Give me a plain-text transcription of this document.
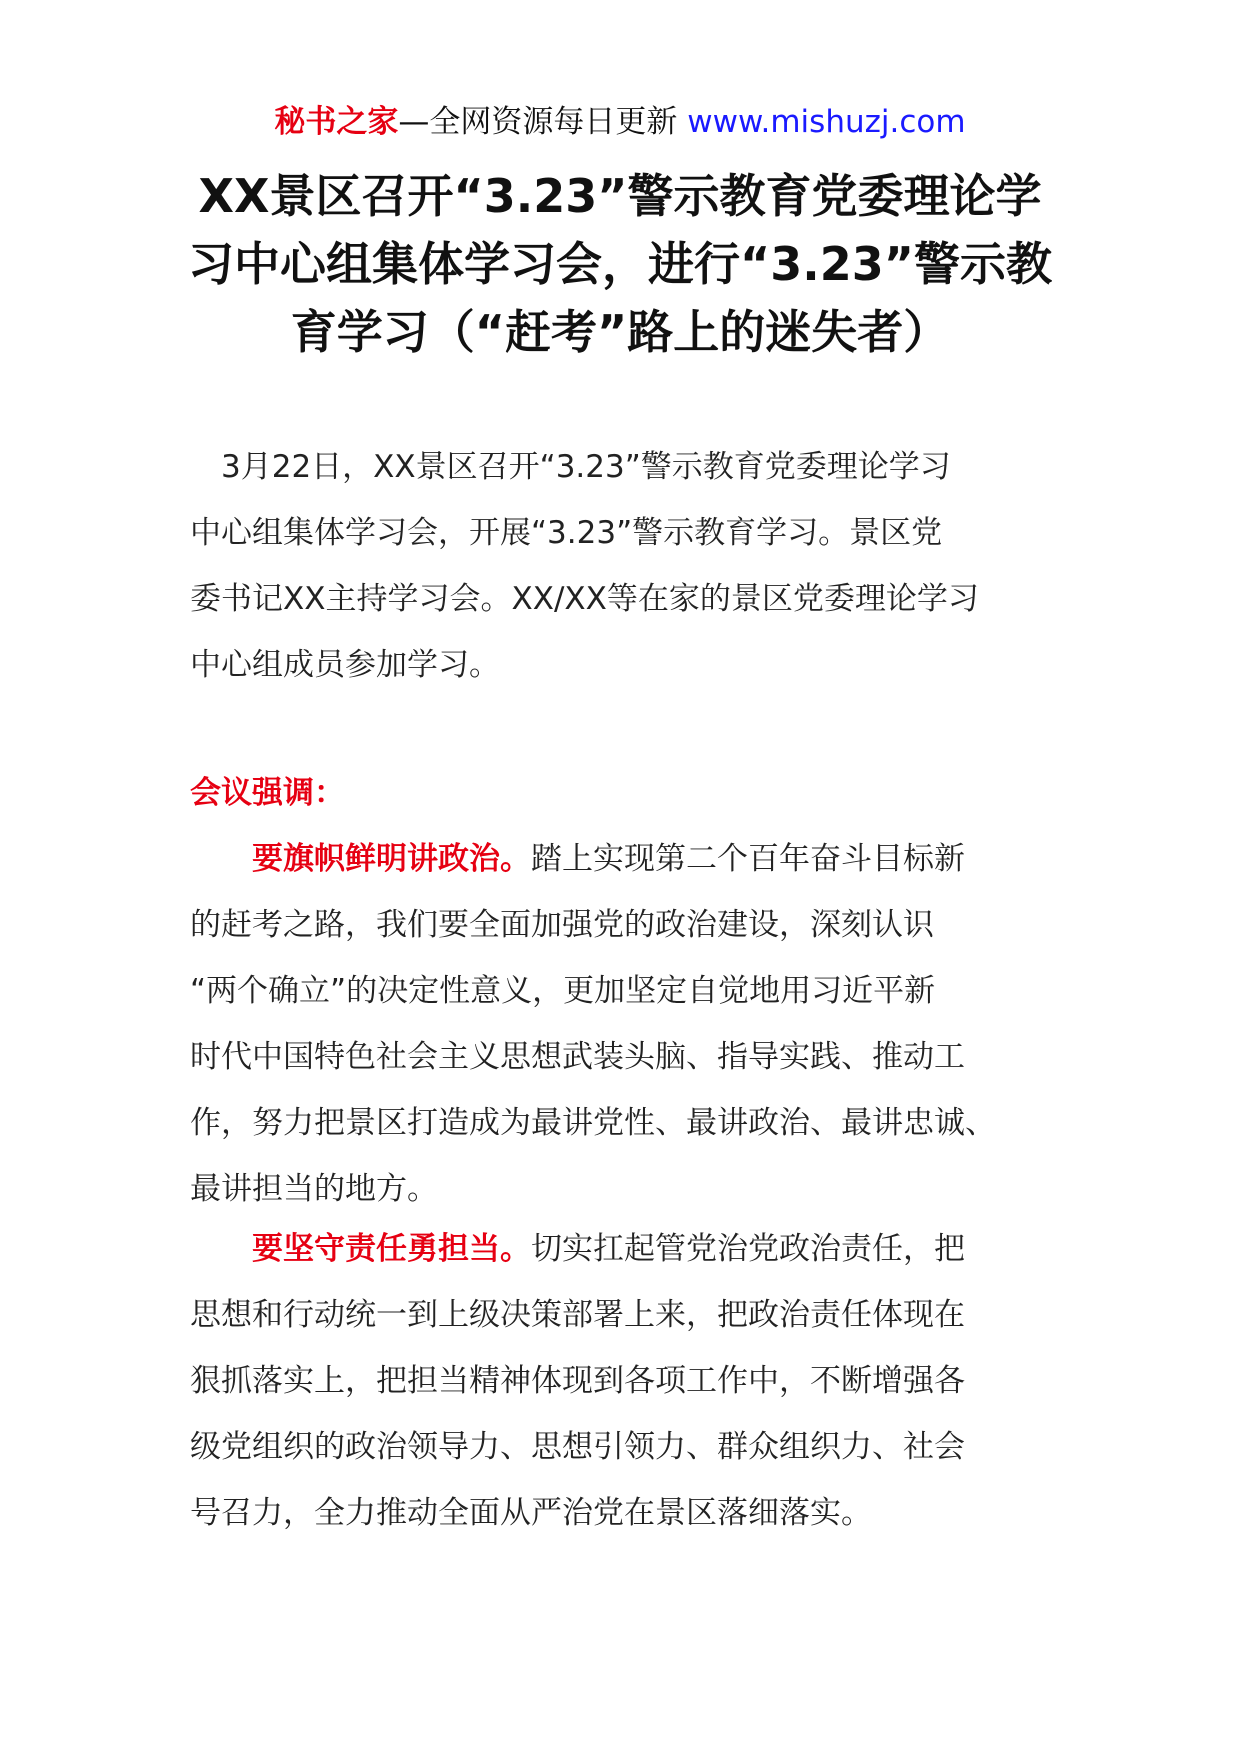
秘书之家—全网资源每日更新 www.mishuzj.com
XX景区召开“3.23”警示教育党委理论学
习中心组集体学习会，进行“3.23”警示教
育学习（“赶考”路上的迷失者）
　3月22日，XX景区召开“3.23”警示教育党委理论学习
中心组集体学习会，开展“3.23”警示教育学习。景区党
委书记XX主持学习会。XX/XX等在家的景区党委理论学习
中心组成员参加学习。
会议强调：
　　要旗帜鲜明讲政治。踏上实现第二个百年奋斗目标新
的赶考之路，我们要全面加强党的政治建设，深刻认识
“两个确立”的决定性意义，更加坚定自觉地用习近平新
时代中国特色社会主义思想武装头脑、指导实践、推动工
作，努力把景区打造成为最讲党性、最讲政治、最讲忠诚、
最讲担当的地方。
　　要坚守责任勇担当。切实扛起管党治党政治责任，把
思想和行动统一到上级决策部署上来，把政治责任体现在
狠抓落实上，把担当精神体现到各项工作中，不断增强各
级党组织的政治领导力、思想引领力、群众组织力、社会
号召力，全力推动全面从严治党在景区落细落实。
